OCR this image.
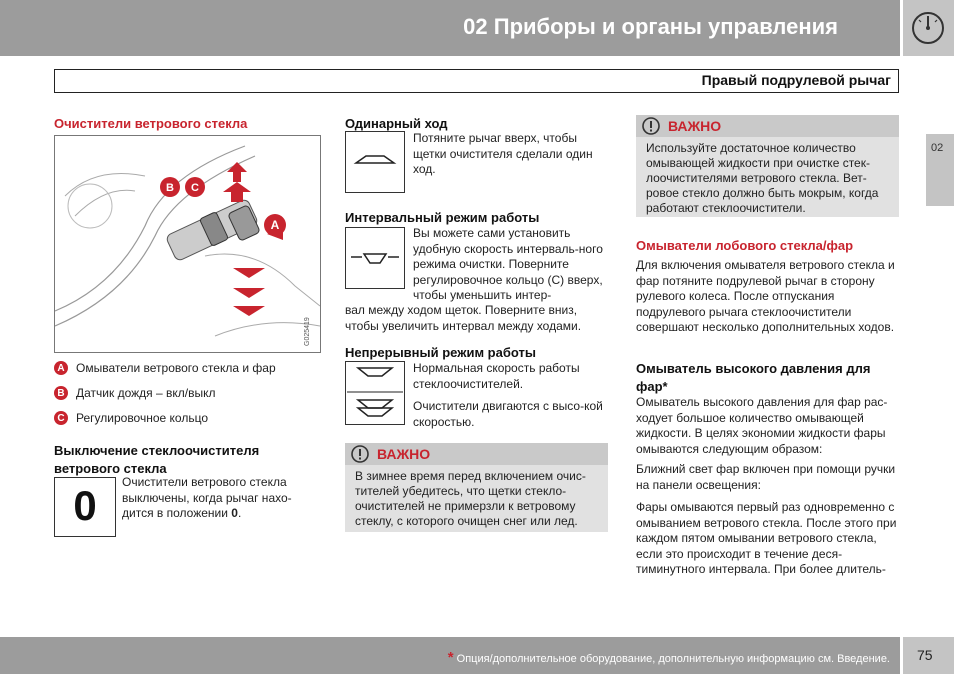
02 Приборы и органы управления
Правый подрулевой рычаг
02
Очистители ветрового стекла
B C
A
G025419
A Омыватели ветрового стекла и фар
B Датчик дождя – вкл/выкл
C Регулировочное кольцо
Выключение стеклоочистителя ветрового стекла
0	Очистители ветрового стекла выключены, когда рычаг нахо-дится в положении 0.
Одинарный ход
Потяните рычаг вверх, чтобы щетки очистителя сделали один ход.
Интервальный режим работы
Вы можете сами установить удобную скорость интерваль-ного режима очистки. Поверните регулировочное кольцо (C) вверх, чтобы уменьшить интер-
вал между ходом щеток. Поверните вниз, чтобы увеличить интервал между ходами.
Непрерывный режим работы
Нормальная скорость работы стеклоочистителей.
Очистители двигаются с высо-кой скоростью.
ВАЖНО
В зимнее время перед включением очис-тителей убедитесь, что щетки стекло-очистителей не примерзли к ветровому стеклу, с которого очищен снег или лед.
ВАЖНО
Используйте достаточное количество омывающей жидкости при очистке стек-лоочистителями ветрового стекла. Вет-ровое стекло должно быть мокрым, когда работают стеклоочистители.
Омыватели лобового стекла/фар
Для включения омывателя ветрового стекла и фар потяните подрулевой рычаг в сторону рулевого колеса. После отпускания подрулевого рычага стеклоочистители совершают несколько дополнительных ходов.
Омыватель высокого давления для фар*
Омыватель высокого давления для фар рас-ходует большое количество омывающей жидкости. В целях экономии жидкости фары омываются следующим образом:
Ближний свет фар включен при помощи ручки на панели освещения:
Фары омываются первый раз одновременно с омыванием ветрового стекла. После этого при каждом пятом омывании ветрового стекла, если это происходит в течение деся-тиминутного интервала. При более длитель-
* Опция/дополнительное оборудование, дополнительную информацию см. Введение. 75
